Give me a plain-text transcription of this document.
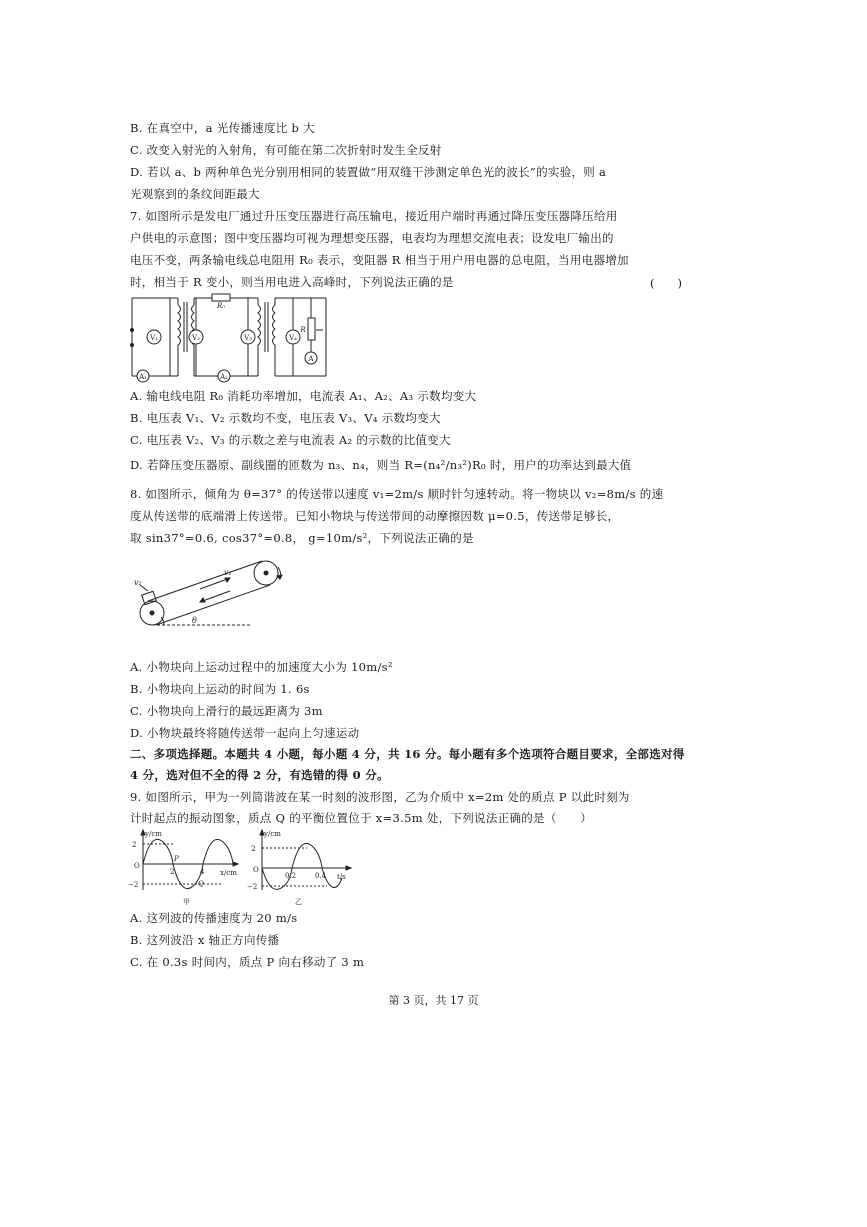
B. 在真空中，a 光传播速度比 b 大
C. 改变入射光的入射角，有可能在第二次折射时发生全反射
D. 若以 a、b 两种单色光分别用相同的装置做“用双缝干涉测定单色光的波长”的实验，则 a
光观察到的条纹间距最大
7. 如图所示是发电厂通过升压变压器进行高压输电，接近用户端时再通过降压变压器降压给用
户供电的示意图；图中变压器均可视为理想变压器，电表均为理想交流电表；设发电厂输出的
电压不变，两条输电线总电阻用 R₀ 表示，变阻器 R 相当于用户用电器的总电阻，当用电器增加
时，相当于 R 变小，则当用电进入高峰时，下列说法正确的是	(　　)
V₁	V₂	V₃	V₄
A₁	A₂
A
R₀
R
A. 输电线电阻 R₀ 消耗功率增加，电流表 A₁、A₂、A₃ 示数均变大
B. 电压表 V₁、V₂ 示数均不变，电压表 V₃、V₄ 示数均变大
C. 电压表 V₂、V₃ 的示数之差与电流表 A₂ 的示数的比值变大
D. 若降压变压器原、副线圈的匝数为 n₃、n₄，则当 R=(n₄²/n₃²)R₀ 时，用户的功率达到最大值
8. 如图所示，倾角为 θ=37° 的传送带以速度 v₁=2m/s 顺时针匀速转动。将一物块以 v₂=8m/s 的速
度从传送带的底端滑上传送带。已知小物块与传送带间的动摩擦因数 μ=0.5，传送带足够长，
取 sin37°=0.6, cos37°=0.8， g=10m/s²，下列说法正确的是
v₂
v₁
θ
A. 小物块向上运动过程中的加速度大小为 10m/s²
B. 小物块向上运动的时间为 1. 6s
C. 小物块向上滑行的最远距离为 3m
D. 小物块最终将随传送带一起向上匀速运动
二、多项选择题。本题共 4 小题，每小题 4 分，共 16 分。每小题有多个选项符合题目要求，全部选对得
4 分，选对但不全的得 2 分，有选错的得 0 分。
9. 如图所示，甲为一列简谐波在某一时刻的波形图，乙为介质中 x=2m 处的质点 P 以此时刻为
计时起点的振动图象，质点 Q 的平衡位置位于 x=3.5m 处，下列说法正确的是（　　）
y/cm
x/cm
2
−2
O
2	4
P
Q
甲
y/cm
t/s
2
−2
O
0.2	0.4
乙
A. 这列波的传播速度为 20 m/s
B. 这列波沿 x 轴正方向传播
C. 在 0.3s 时间内，质点 P 向右移动了 3 m
第 3 页，共 17 页
